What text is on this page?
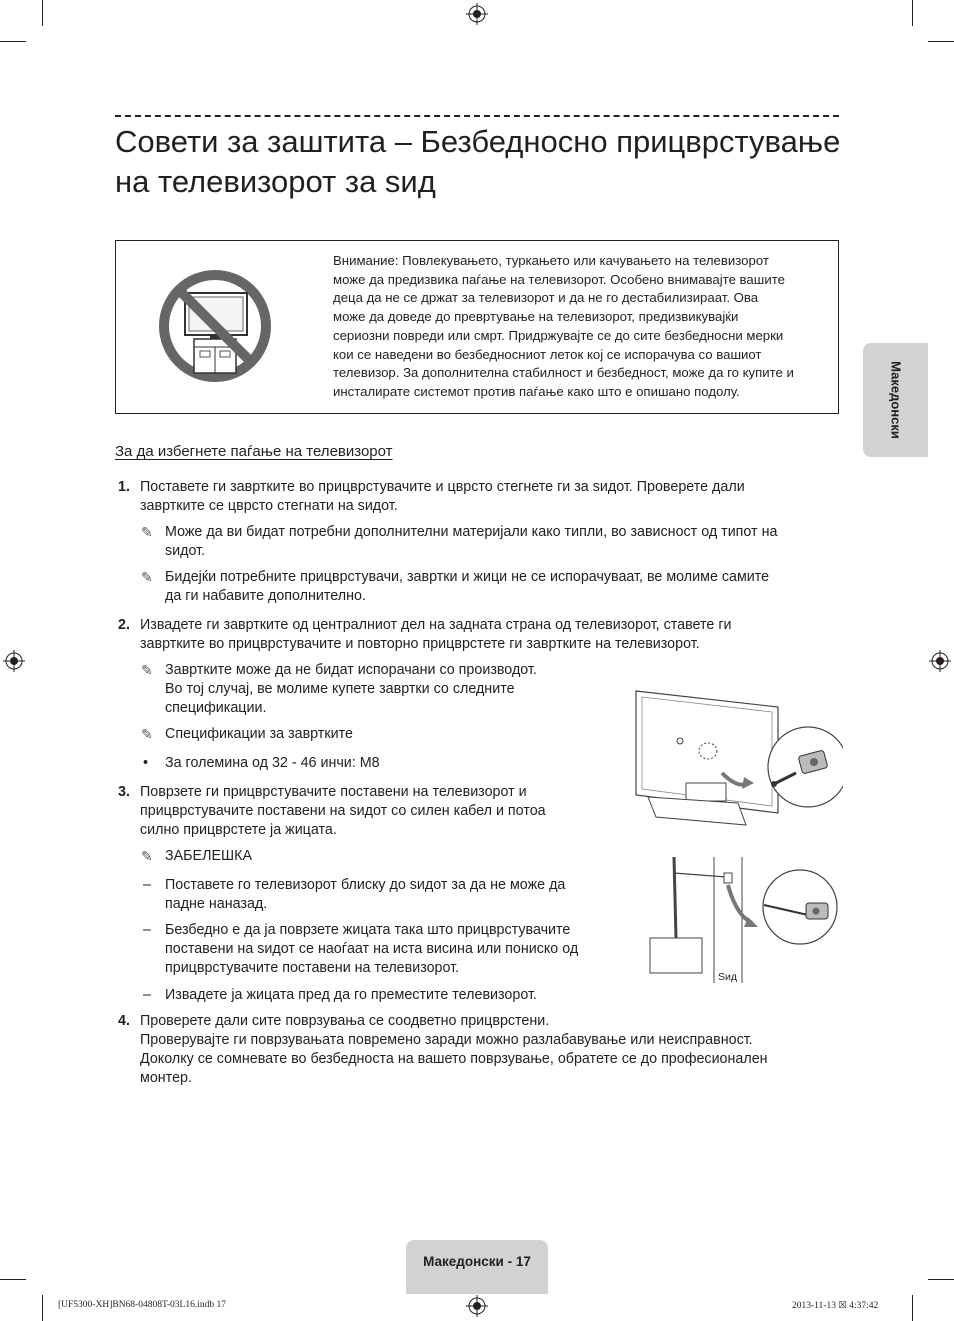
Совети за заштита – Безбедносно прицврстување
на телевизорот за ѕид
Внимание: Повлекувањето, туркањето или качувањето на телевизорот
може да предизвика паѓање на телевизорот. Особено внимавајте вашите
деца да не се држат за телевизорот и да не го дестабилизираат. Ова
може да доведе до превртување на телевизорот, предизвикувајќи
сериозни повреди или смрт. Придржувајте се до сите безбедносни мерки
кои се наведени во безбедносниот леток кој се испорачува со вашиот
телевизор. За дополнителна стабилност и безбедност, може да го купите и
инсталирате системот против паѓање како што е опишано подолу.	Македонски
За да избегнете паѓање на телевизорот
1. Поставете ги завртките во прицврстувачите и цврсто стегнете ги за ѕидот. Проверете дали
завртките се цврсто стегнати на ѕидот.
✎ Може да ви бидат потребни дополнителни материјали како типли, во зависност од типот на
ѕидот.
✎ Бидејќи потребните прицврстувачи, завртки и жици не се испорачуваат, ве молиме самите
да ги набавите дополнително.
2. Извадете ги завртките од централниот дел на задната страна од телевизорот, ставете ги
завртките во прицврстувачите и повторно прицврстете ги завртките на телевизорот.
✎ Завртките може да не бидат испорачани со производот.
Во тој случај, ве молиме купете завртки со следните
спецификации.
✎ Спецификации за завртките
• За големина од 32 - 46 инчи: M8
3. Поврзете ги прицврстувачите поставени на телевизорот и
прицврстувачите поставени на ѕидот со силен кабел и потоа
силно прицврстете ја жицата.
✎ ЗАБЕЛЕШКА
– Поставете го телевизорот блиску до ѕидот за да не може да
падне наназад.
– Безбедно е да ја поврзете жицата така што прицврстувачите
поставени на ѕидот се наоѓаат на иста висина или пониско од
прицврстувачите поставени на телевизорот.
– Извадете ја жицата пред да го преместите телевизорот.
4. Проверете дали сите поврзувања се соодветно прицврстени.
Проверувајте ги поврзувањата повремено заради можно разлабавување или неисправност.
Доколку се сомневате во безбедноста на вашето поврзување, обратете се до професионален
монтер.
Ѕид
Македонски - 17
[UF5300-XH]BN68-04808T-03L16.indb 17	2013-11-13 ☒ 4:37:42
